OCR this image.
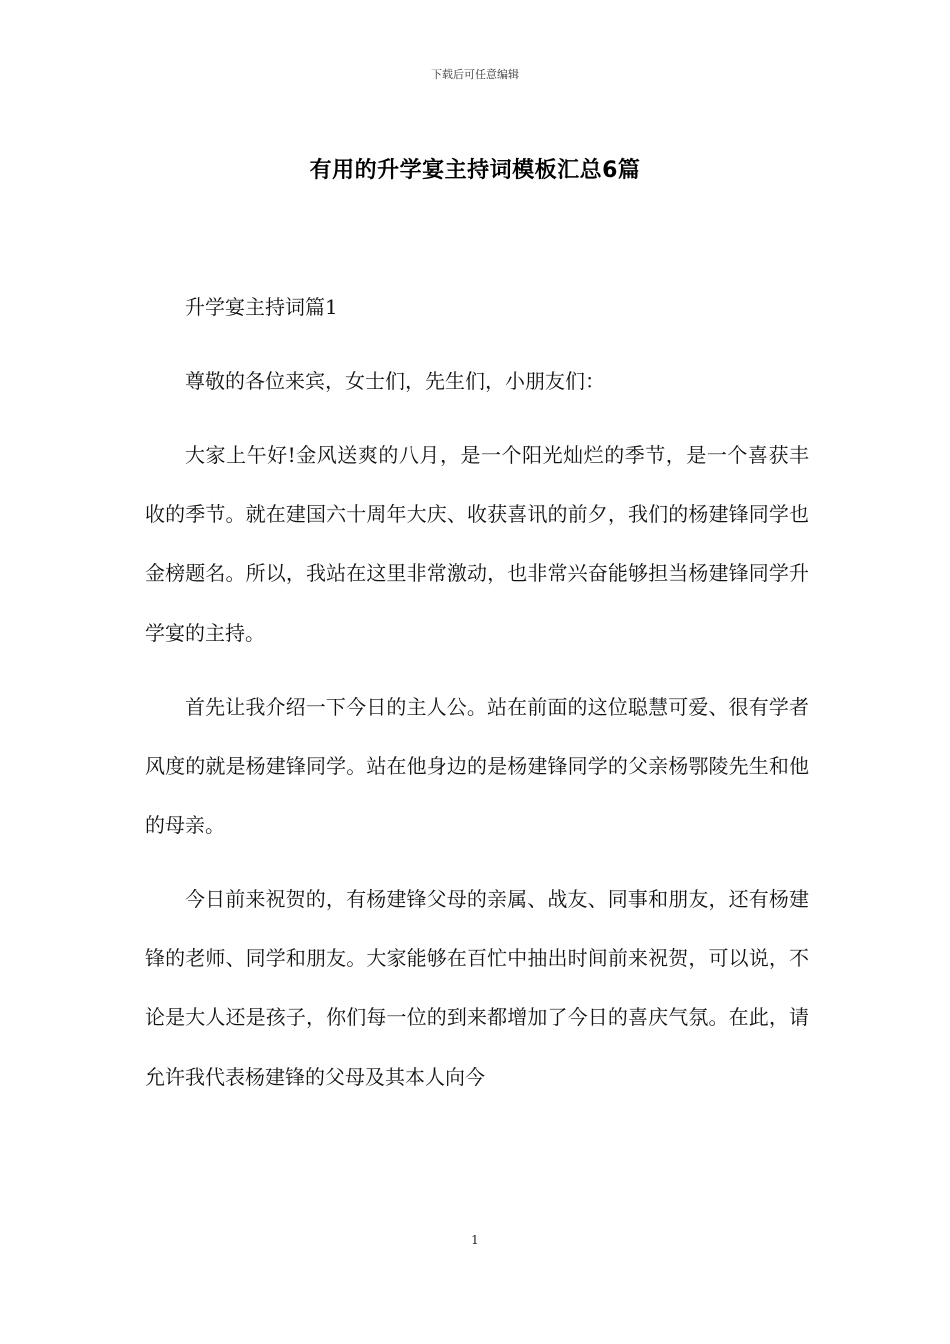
下载后可任意编辑
有用的升学宴主持词模板汇总6篇

升学宴主持词篇1

尊敬的各位来宾，女士们，先生们，小朋友们：

大家上午好!金风送爽的八月，是一个阳光灿烂的季节，是一个喜获丰收的季节。就在建国六十周年大庆、收获喜讯的前夕，我们的杨建锋同学也金榜题名。所以，我站在这里非常激动，也非常兴奋能够担当杨建锋同学升学宴的主持。

首先让我介绍一下今日的主人公。站在前面的这位聪慧可爱、很有学者风度的就是杨建锋同学。站在他身边的是杨建锋同学的父亲杨鄂陵先生和他的母亲。

今日前来祝贺的，有杨建锋父母的亲属、战友、同事和朋友，还有杨建锋的老师、同学和朋友。大家能够在百忙中抽出时间前来祝贺，可以说，不论是大人还是孩子，你们每一位的到来都增加了今日的喜庆气氛。在此，请允许我代表杨建锋的父母及其本人向今

1
